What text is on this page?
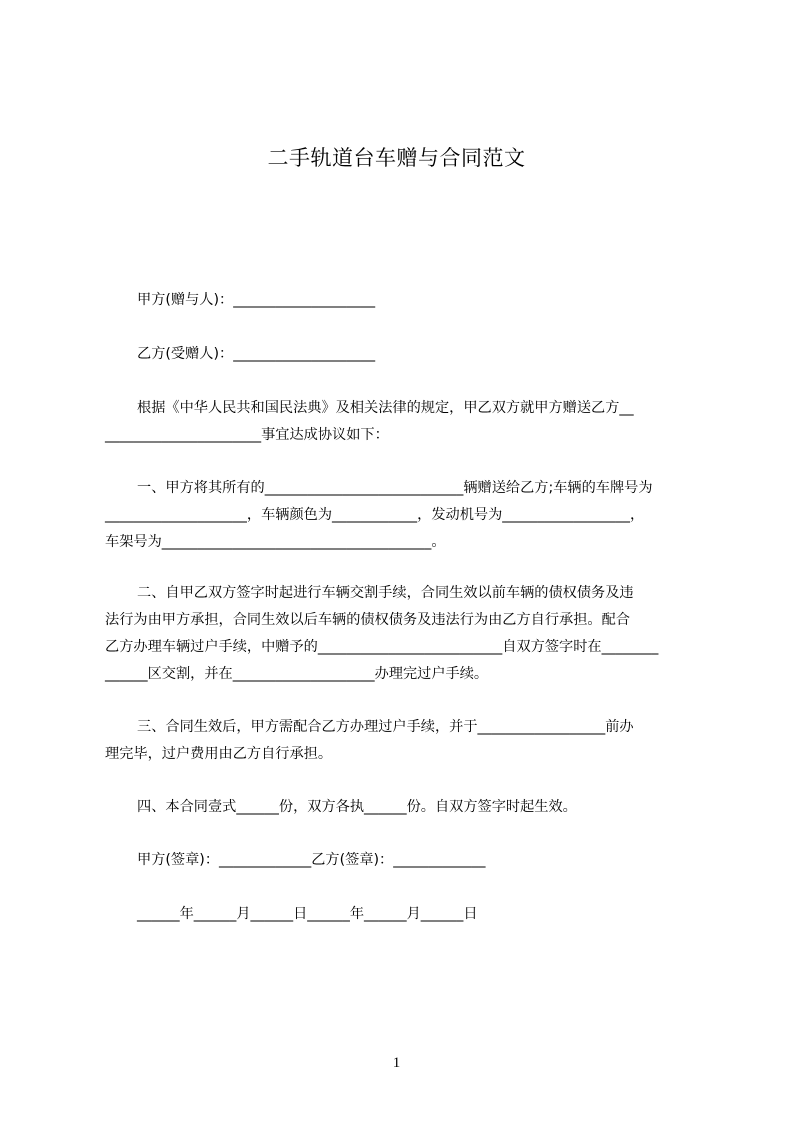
二手轨道台车赠与合同范文
甲方(赠与人)：____________________
乙方(受赠人)：____________________
根据《中华人民共和国民法典》及相关法律的规定，甲乙双方就甲方赠送乙方__
______________________事宜达成协议如下：
一、甲方将其所有的____________________________辆赠送给乙方;车辆的车牌号为
____________________，车辆颜色为____________，发动机号为__________________，
车架号为______________________________________。
二、自甲乙双方签字时起进行车辆交割手续，合同生效以前车辆的债权债务及违
法行为由甲方承担，合同生效以后车辆的债权债务及违法行为由乙方自行承担。配合
乙方办理车辆过户手续，中赠予的__________________________自双方签字时在________
______区交割，并在____________________办理完过户手续。
三、合同生效后，甲方需配合乙方办理过户手续，并于__________________前办
理完毕，过户费用由乙方自行承担。
四、本合同壹式______份，双方各执______份。自双方签字时起生效。
甲方(签章)：_____________乙方(签章)：_____________
______年______月______日______年______月______日
1
